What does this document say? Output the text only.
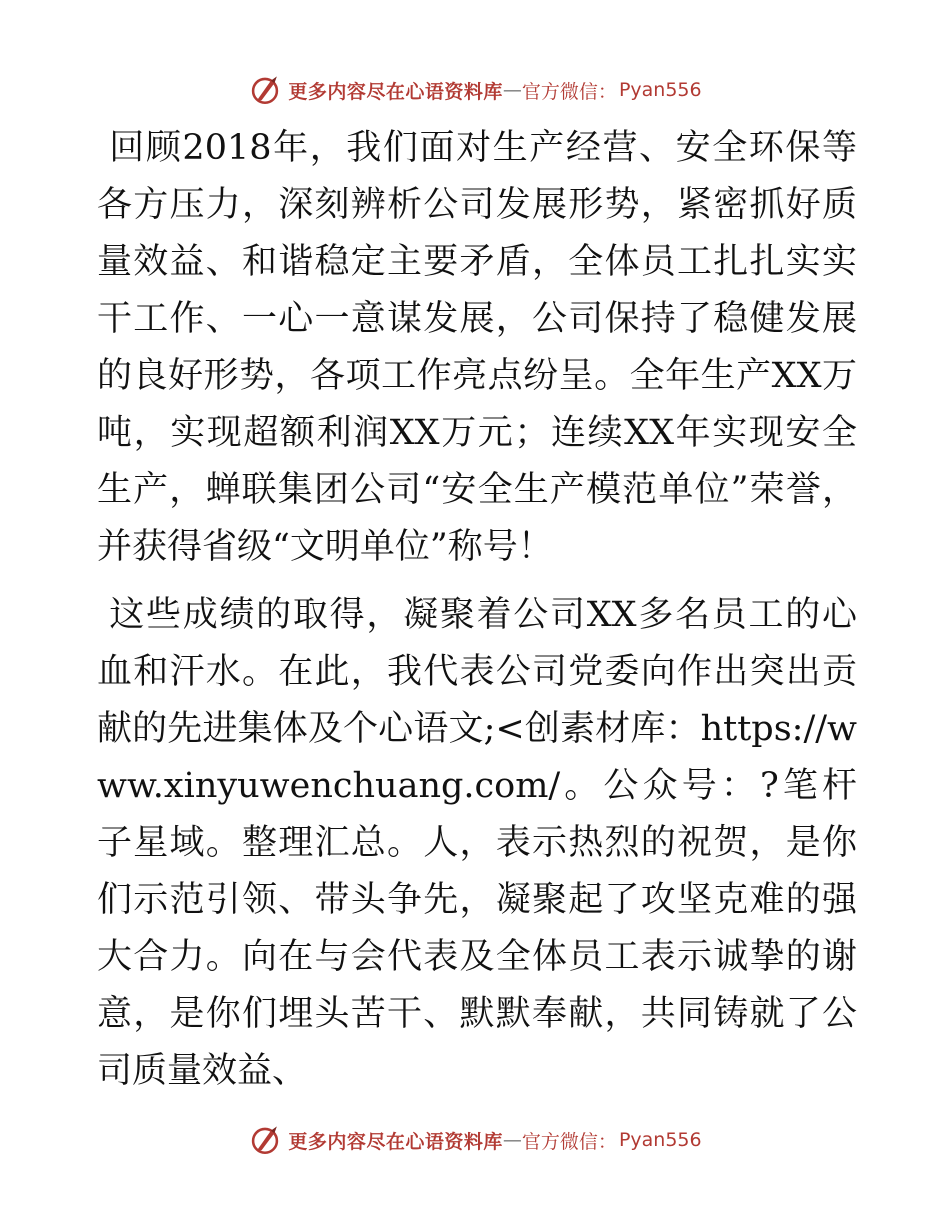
更多内容尽在心语资料库 — 官方微信： Pyan556

回顾2018年，我们面对生产经营、安全环保等各方压力，深刻辨析公司发展形势，紧密抓好质量效益、和谐稳定主要矛盾，全体员工扎扎实实干工作、一心一意谋发展，公司保持了稳健发展的良好形势，各项工作亮点纷呈。全年生产XX万吨，实现超额利润XX万元；连续XX年实现安全生产，蝉联集团公司“安全生产模范单位”荣誉，并获得省级“文明单位”称号！

这些成绩的取得，凝聚着公司XX多名员工的心血和汗水。在此，我代表公司党委向作出突出贡献的先进集体及个心语文;<创素材库：https://www.xinyuwenchuang.com/。公众号：?笔杆子星域。整理汇总。人，表示热烈的祝贺，是你们示范引领、带头争先，凝聚起了攻坚克难的强大合力。向在与会代表及全体员工表示诚挚的谢意，是你们埋头苦干、默默奉献，共同铸就了公司质量效益、

更多内容尽在心语资料库 — 官方微信： Pyan556
